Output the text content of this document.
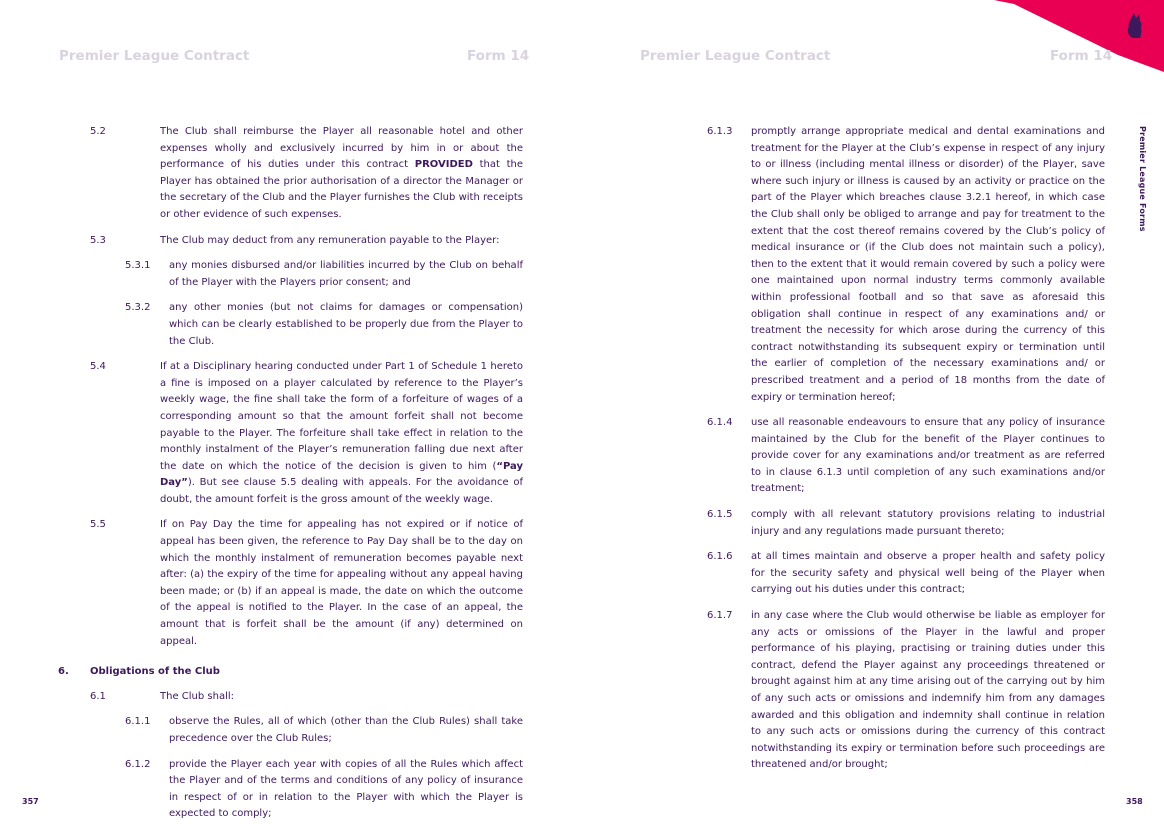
Premier League Contract	Form 14	Premier League Contract	Form 14
Premier League Forms
5.2	The Club shall reimburse the Player all reasonable hotel and other expenses wholly and exclusively incurred by him in or about the performance of his duties under this contract PROVIDED that the Player has obtained the prior authorisation of a director the Manager or the secretary of the Club and the Player furnishes the Club with receipts or other evidence of such expenses.
5.3	The Club may deduct from any remuneration payable to the Player:
5.3.1 any monies disbursed and/or liabilities incurred by the Club on behalf of the Player with the Players prior consent; and
5.3.2 any other monies (but not claims for damages or compensation) which can be clearly established to be properly due from the Player to the Club.
5.4	If at a Disciplinary hearing conducted under Part 1 of Schedule 1 hereto a fine is imposed on a player calculated by reference to the Player’s weekly wage, the fine shall take the form of a forfeiture of wages of a corresponding amount so that the amount forfeit shall not become payable to the Player. The forfeiture shall take effect in relation to the monthly instalment of the Player’s remuneration falling due next after the date on which the notice of the decision is given to him (“Pay Day”). But see clause 5.5 dealing with appeals. For the avoidance of doubt, the amount forfeit is the gross amount of the weekly wage.
5.5	If on Pay Day the time for appealing has not expired or if notice of appeal has been given, the reference to Pay Day shall be to the day on which the monthly instalment of remuneration becomes payable next after: (a) the expiry of the time for appealing without any appeal having been made; or (b) if an appeal is made, the date on which the outcome of the appeal is notified to the Player. In the case of an appeal, the amount that is forfeit shall be the amount (if any) determined on appeal.
6. Obligations of the Club
6.1	The Club shall:
6.1.1 observe the Rules, all of which (other than the Club Rules) shall take precedence over the Club Rules;
6.1.2 provide the Player each year with copies of all the Rules which affect the Player and of the terms and conditions of any policy of insurance in respect of or in relation to the Player with which the Player is expected to comply;
6.1.3 promptly arrange appropriate medical and dental examinations and treatment for the Player at the Club’s expense in respect of any injury to or illness (including mental illness or disorder) of the Player, save where such injury or illness is caused by an activity or practice on the part of the Player which breaches clause 3.2.1 hereof, in which case the Club shall only be obliged to arrange and pay for treatment to the extent that the cost thereof remains covered by the Club’s policy of medical insurance or (if the Club does not maintain such a policy), then to the extent that it would remain covered by such a policy were one maintained upon normal industry terms commonly available within professional football and so that save as aforesaid this obligation shall continue in respect of any examinations and/ or treatment the necessity for which arose during the currency of this contract notwithstanding its subsequent expiry or termination until the earlier of completion of the necessary examinations and/ or prescribed treatment and a period of 18 months from the date of expiry or termination hereof;
6.1.4 use all reasonable endeavours to ensure that any policy of insurance maintained by the Club for the benefit of the Player continues to provide cover for any examinations and/or treatment as are referred to in clause 6.1.3 until completion of any such examinations and/or treatment;
6.1.5 comply with all relevant statutory provisions relating to industrial injury and any regulations made pursuant thereto;
6.1.6 at all times maintain and observe a proper health and safety policy for the security safety and physical well being of the Player when carrying out his duties under this contract;
6.1.7 in any case where the Club would otherwise be liable as employer for any acts or omissions of the Player in the lawful and proper performance of his playing, practising or training duties under this contract, defend the Player against any proceedings threatened or brought against him at any time arising out of the carrying out by him of any such acts or omissions and indemnify him from any damages awarded and this obligation and indemnity shall continue in relation to any such acts or omissions during the currency of this contract notwithstanding its expiry or termination before such proceedings are threatened and/or brought;
357	358
